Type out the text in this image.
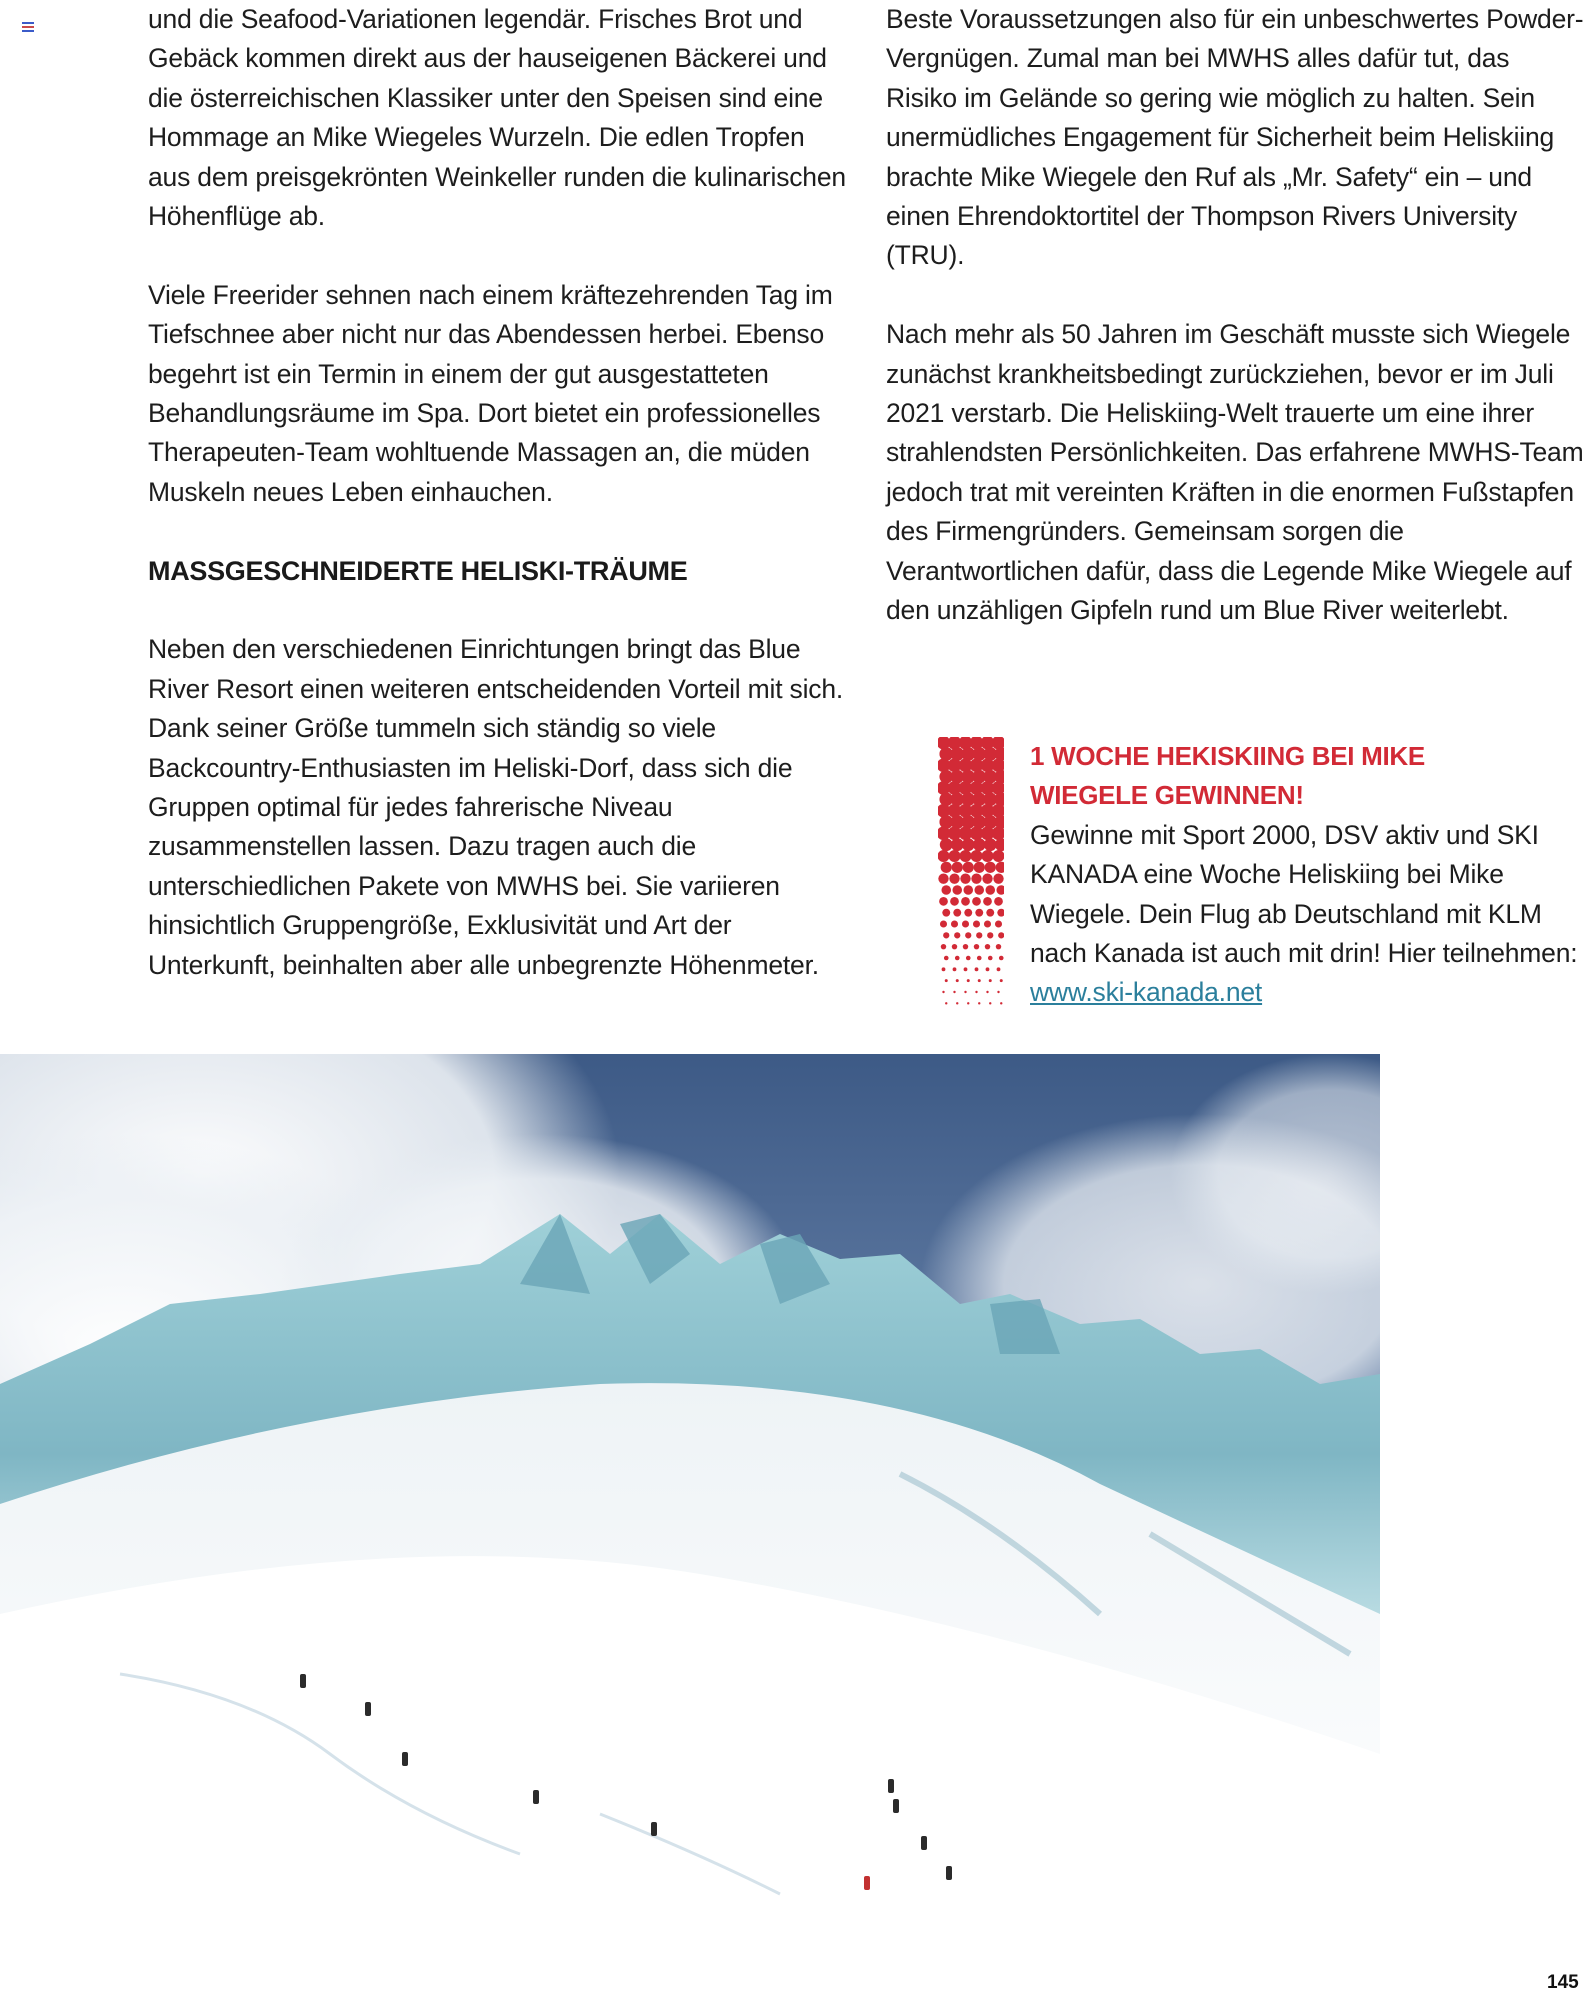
und die Seafood-Variationen legendär. Frisches Brot und Gebäck kommen direkt aus der hauseigenen Bäckerei und die österreichischen Klassiker unter den Speisen sind eine Hommage an Mike Wiegeles Wurzeln. Die edlen Tropfen aus dem preisgekrönten Weinkeller runden die kulinarischen Höhenflüge ab.

Viele Freerider sehnen nach einem kräftezehrenden Tag im Tiefschnee aber nicht nur das Abendessen herbei. Ebenso begehrt ist ein Termin in einem der gut ausgestatteten Behandlungsräume im Spa. Dort bietet ein professionelles Therapeuten-Team wohltuende Massagen an, die müden Muskeln neues Leben einhauchen.

MASSGESCHNEIDERTE HELISKI-TRÄUME

Neben den verschiedenen Einrichtungen bringt das Blue River Resort einen weiteren entscheidenden Vorteil mit sich. Dank seiner Größe tummeln sich ständig so viele Backcountry-Enthusiasten im Heliski-Dorf, dass sich die Gruppen optimal für jedes fahrerische Niveau zusammenstellen lassen. Dazu tragen auch die unterschiedlichen Pakete von MWHS bei. Sie variieren hinsichtlich Gruppengröße, Exklusivität und Art der Unterkunft, beinhalten aber alle unbegrenzte Höhenmeter.

Beste Voraussetzungen also für ein unbeschwertes Powder-Vergnügen. Zumal man bei MWHS alles dafür tut, das Risiko im Gelände so gering wie möglich zu halten. Sein unermüdliches Engagement für Sicherheit beim Heliskiing brachte Mike Wiegele den Ruf als „Mr. Safety“ ein – und einen Ehrendoktortitel der Thompson Rivers University (TRU).

Nach mehr als 50 Jahren im Geschäft musste sich Wiegele zunächst krankheitsbedingt zurückziehen, bevor er im Juli 2021 verstarb. Die Heliskiing-Welt trauerte um eine ihrer strahlendsten Persönlichkeiten. Das erfahrene MWHS-Team jedoch trat mit vereinten Kräften in die enormen Fußstapfen des Firmengründers. Gemeinsam sorgen die Verantwortlichen dafür, dass die Legende Mike Wiegele auf den unzähligen Gipfeln rund um Blue River weiterlebt.

1 WOCHE HEKISKIING BEI MIKE
WIEGELE GEWINNEN!

Gewinne mit Sport 2000, DSV aktiv und SKI KANADA eine Woche Heliskiing bei Mike Wiegele. Dein Flug ab Deutschland mit KLM nach Kanada ist auch mit drin! Hier teilnehmen: www.ski-kanada.net

145
